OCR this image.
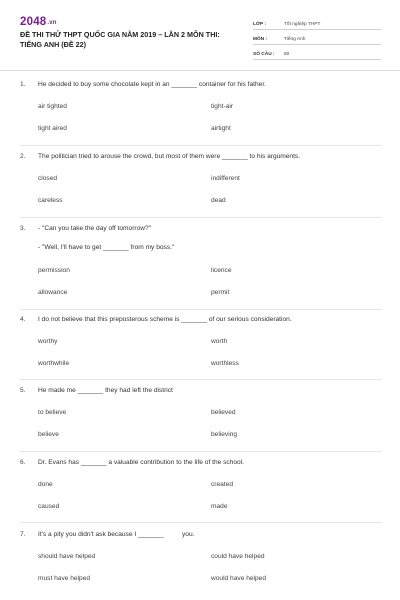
2048.vn
ĐỀ THI THỬ THPT QUỐC GIA NĂM 2019 – LẦN 2 MÔN THI: TIẾNG ANH (ĐỀ 22)
LỚP :	Tốt nghiệp THPT
MÔN :	Tiếng Anh
SỐ CÂU :	50
1. He decided to buy some chocolate kept in an _______ container for his father.
air tighted	tight-air
tight aired	airtight
2. The politician tried to arouse the crowd, but most of them were _______ to his arguments.
closed	indifferent
careless	dead
3. - "Can you take the day off tomorrow?"
- "Well, I'll have to get _______ from my boss."
permission	licence
allowance	permit
4. I do not believe that this preposterous scheme is _______ of our serious consideration.
worthy	worth
worthwhile	worthless
5. He made me _______ they had left the district
to believe	believed
believe	believing
6. Dr. Evans has _______ a valuable contribution to the life of the school.
done	created
caused	made
7. It's a pity you didn't ask because I _______          you.
should have helped	could have helped
must have helped	would have helped
